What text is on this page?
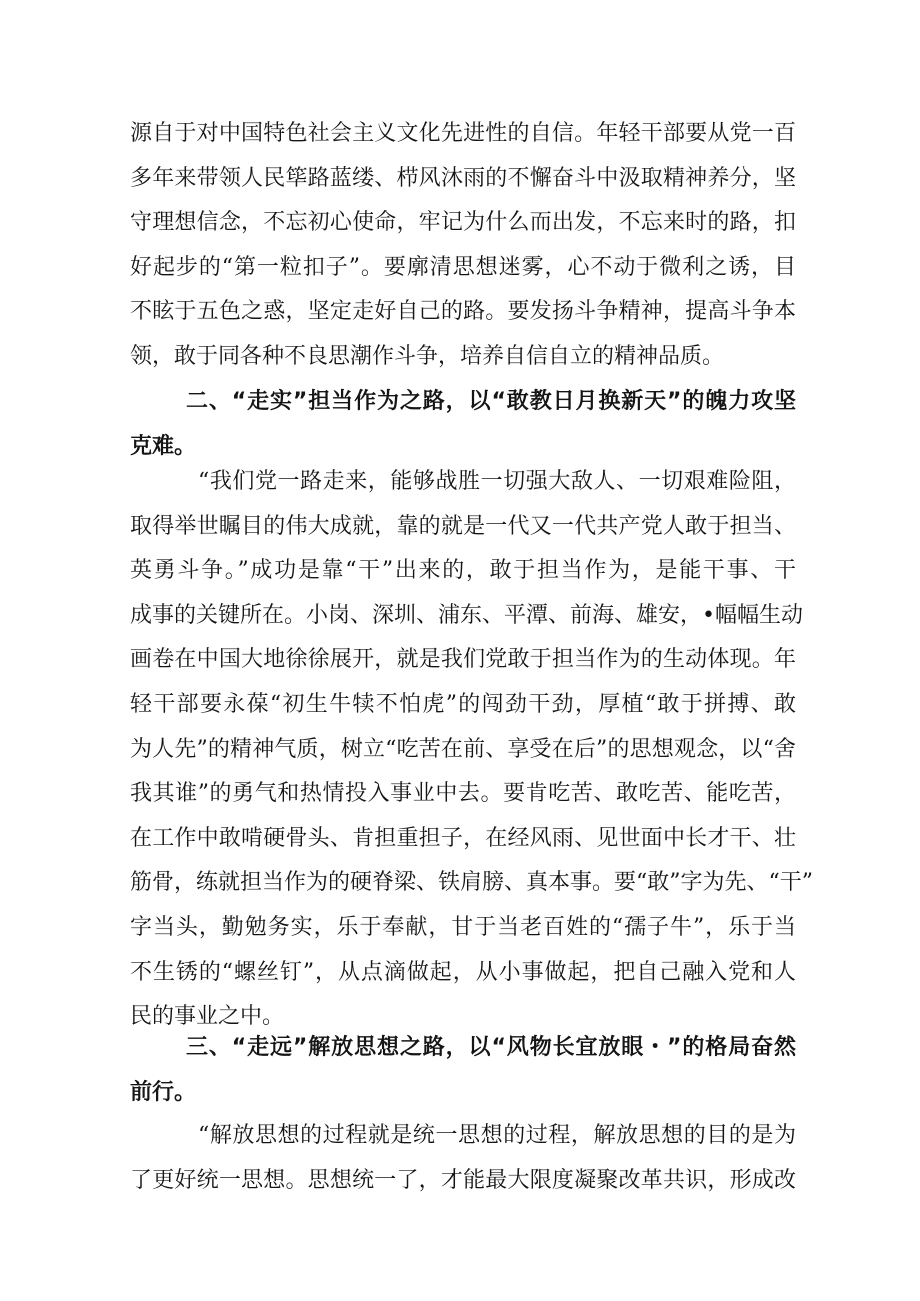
源自于对中国特色社会主义文化先进性的自信。年轻干部要从党一百
多年来带领人民筚路蓝缕、栉风沐雨的不懈奋斗中汲取精神养分，坚
守理想信念，不忘初心使命，牢记为什么而出发，不忘来时的路，扣
好起步的“第一粒扣子”。要廓清思想迷雾，心不动于微利之诱，目
不眩于五色之惑，坚定走好自己的路。要发扬斗争精神，提高斗争本
领，敢于同各种不良思潮作斗争，培养自信自立的精神品质。
二、“走实”担当作为之路，以“敢教日月换新天”的魄力攻坚
克难。
“我们党一路走来，能够战胜一切强大敌人、一切艰难险阻，
取得举世瞩目的伟大成就，靠的就是一代又一代共产党人敢于担当、
英勇斗争。”成功是靠“干”出来的，敢于担当作为，是能干事、干
成事的关键所在。小岗、深圳、浦东、平潭、前海、雄安，•幅幅生动
画卷在中国大地徐徐展开，就是我们党敢于担当作为的生动体现。年
轻干部要永葆“初生牛犊不怕虎”的闯劲干劲，厚植“敢于拼搏、敢
为人先”的精神气质，树立“吃苦在前、享受在后”的思想观念，以“舍
我其谁”的勇气和热情投入事业中去。要肯吃苦、敢吃苦、能吃苦，
在工作中敢啃硬骨头、肯担重担子，在经风雨、见世面中长才干、壮
筋骨，练就担当作为的硬脊梁、铁肩膀、真本事。要“敢”字为先、“干”
字当头，勤勉务实，乐于奉献，甘于当老百姓的“孺子牛”，乐于当
不生锈的“螺丝钉”，从点滴做起，从小事做起，把自己融入党和人
民的事业之中。
三、“走远”解放思想之路，以“风物长宜放眼・”的格局奋然
前行。
“解放思想的过程就是统一思想的过程，解放思想的目的是为
了更好统一思想。思想统一了，才能最大限度凝聚改革共识，形成改
